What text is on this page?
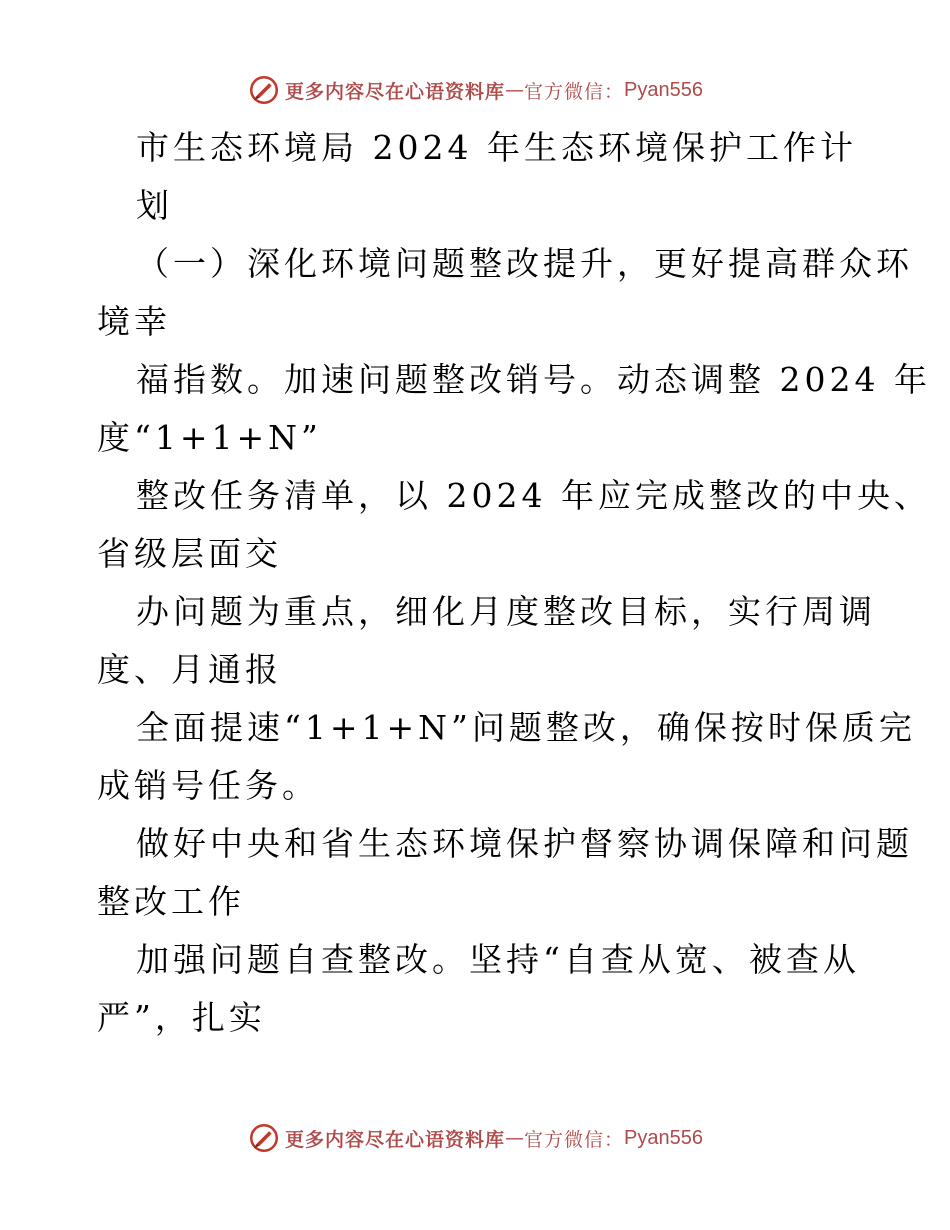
更多内容尽在心语资料库 — 官方微信： Pyan556
市生态环境局 2024 年生态环境保护工作计
划
（一）深化环境问题整改提升，更好提高群众环
境幸
福指数。加速问题整改销号。动态调整 2024 年
度“1+1+N”
整改任务清单，以 2024 年应完成整改的中央、
省级层面交
办问题为重点，细化月度整改目标，实行周调
度、月通报
全面提速“1+1+N”问题整改，确保按时保质完
成销号任务。
做好中央和省生态环境保护督察协调保障和问题
整改工作
加强问题自查整改。坚持“自查从宽、被查从
严”，扎实
更多内容尽在心语资料库 — 官方微信： Pyan556
